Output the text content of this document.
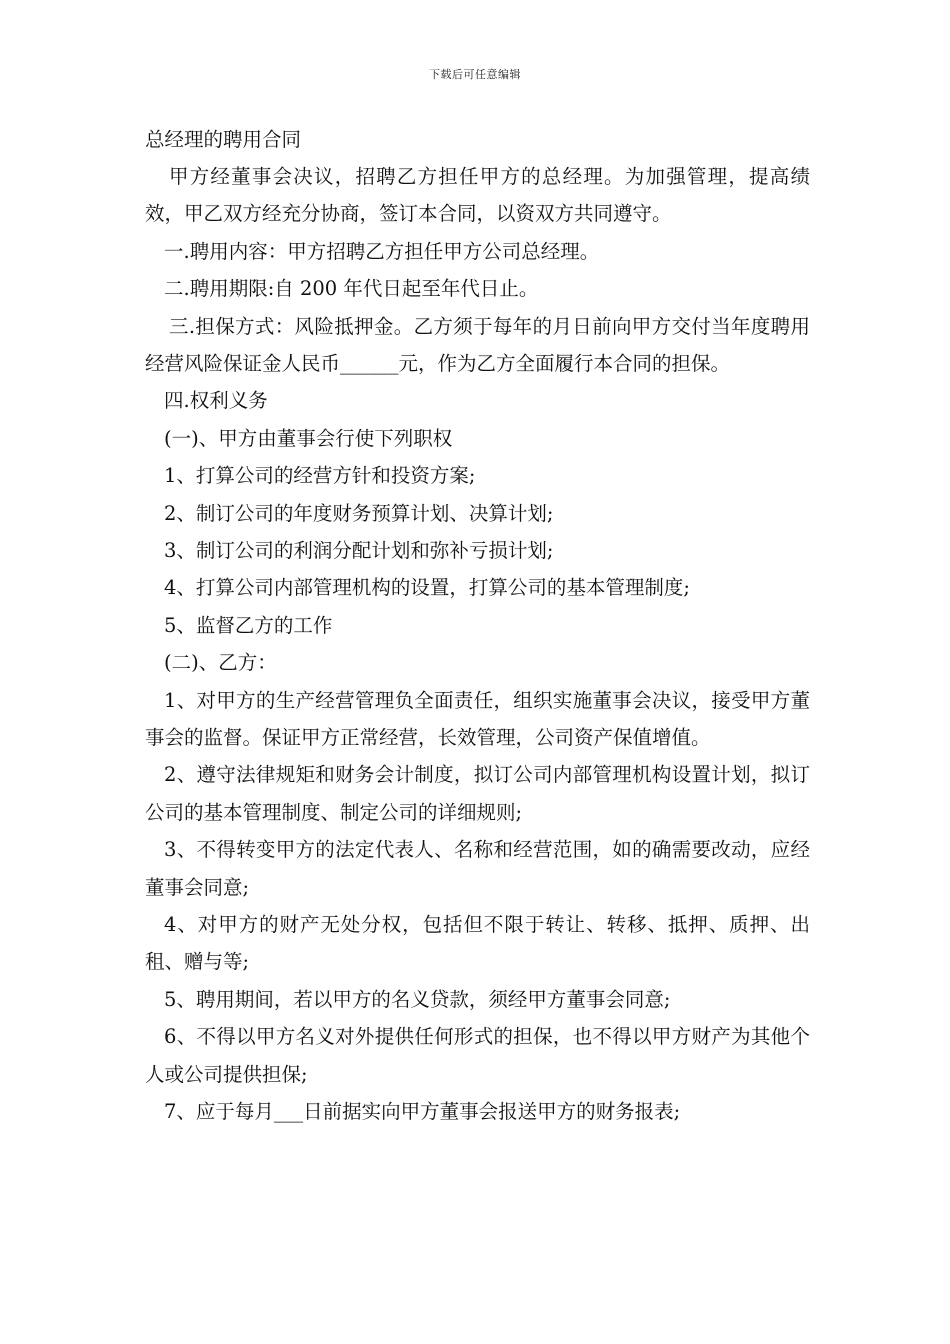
下载后可任意编辑
总经理的聘用合同

甲方经董事会决议，招聘乙方担任甲方的总经理。为加强管理，提高绩效，甲乙双方经充分协商，签订本合同，以资双方共同遵守。

一.聘用内容：甲方招聘乙方担任甲方公司总经理。

二.聘用期限:自 200 年代日起至年代日止。

三.担保方式：风险抵押金。乙方须于每年的月日前向甲方交付当年度聘用经营风险保证金人民币______元，作为乙方全面履行本合同的担保。

四.权利义务

(一)、甲方由董事会行使下列职权

1、打算公司的经营方针和投资方案;

2、制订公司的年度财务预算计划、决算计划;

3、制订公司的利润分配计划和弥补亏损计划;

4、打算公司内部管理机构的设置，打算公司的基本管理制度;

5、监督乙方的工作

(二)、乙方：

1、对甲方的生产经营管理负全面责任，组织实施董事会决议，接受甲方董事会的监督。保证甲方正常经营，长效管理，公司资产保值增值。

2、遵守法律规矩和财务会计制度，拟订公司内部管理机构设置计划，拟订公司的基本管理制度、制定公司的详细规则;

3、不得转变甲方的法定代表人、名称和经营范围，如的确需要改动，应经董事会同意;

4、对甲方的财产无处分权，包括但不限于转让、转移、抵押、质押、出租、赠与等;

5、聘用期间，若以甲方的名义贷款，须经甲方董事会同意;

6、不得以甲方名义对外提供任何形式的担保，也不得以甲方财产为其他个人或公司提供担保;

7、应于每月___日前据实向甲方董事会报送甲方的财务报表;
